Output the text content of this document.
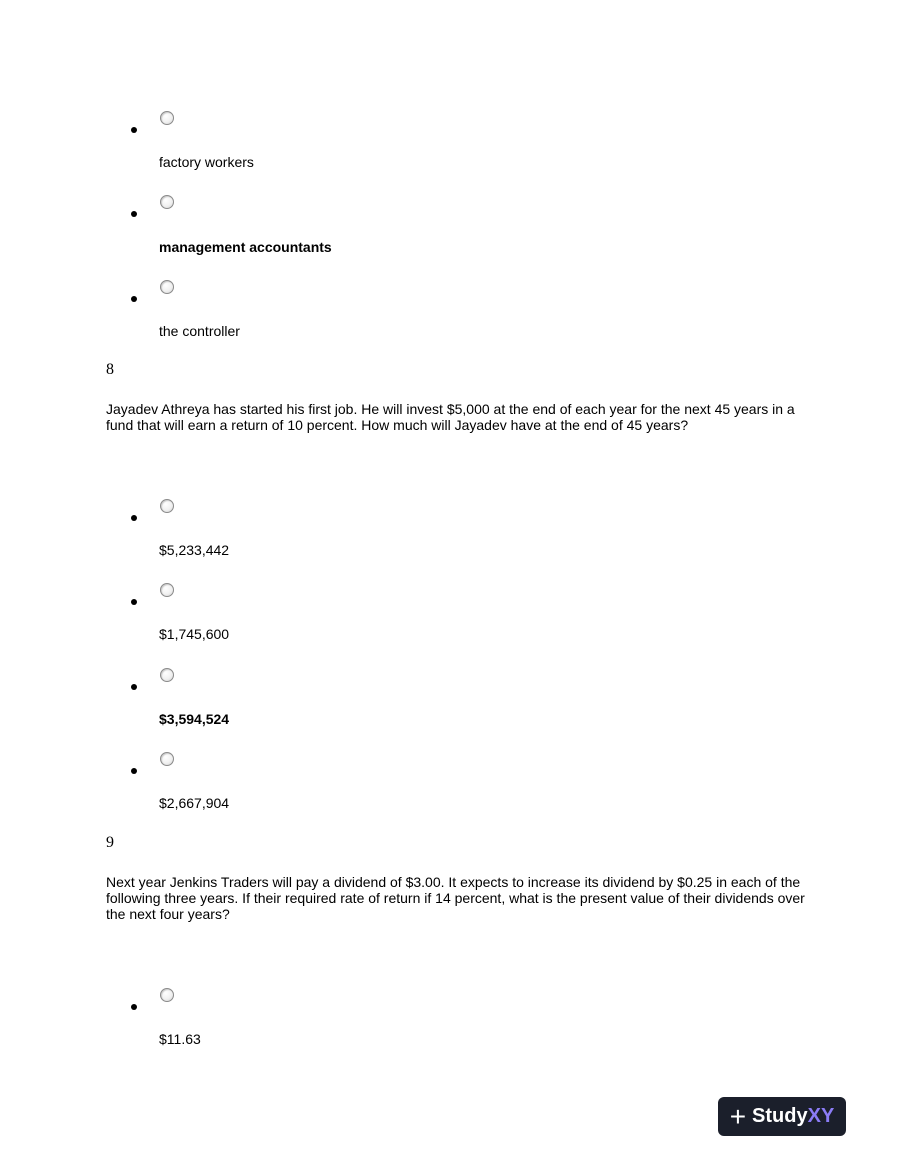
factory workers
management accountants
the controller
8
Jayadev Athreya has started his first job. He will invest $5,000 at the end of each year for the next 45 years in a fund that will earn a return of 10 percent. How much will Jayadev have at the end of 45 years?
$5,233,442
$1,745,600
$3,594,524
$2,667,904
9
Next year Jenkins Traders will pay a dividend of $3.00. It expects to increase its dividend by $0.25 in each of the following three years. If their required rate of return if 14 percent, what is the present value of their dividends over the next four years?
$11.63
+ StudyXY
